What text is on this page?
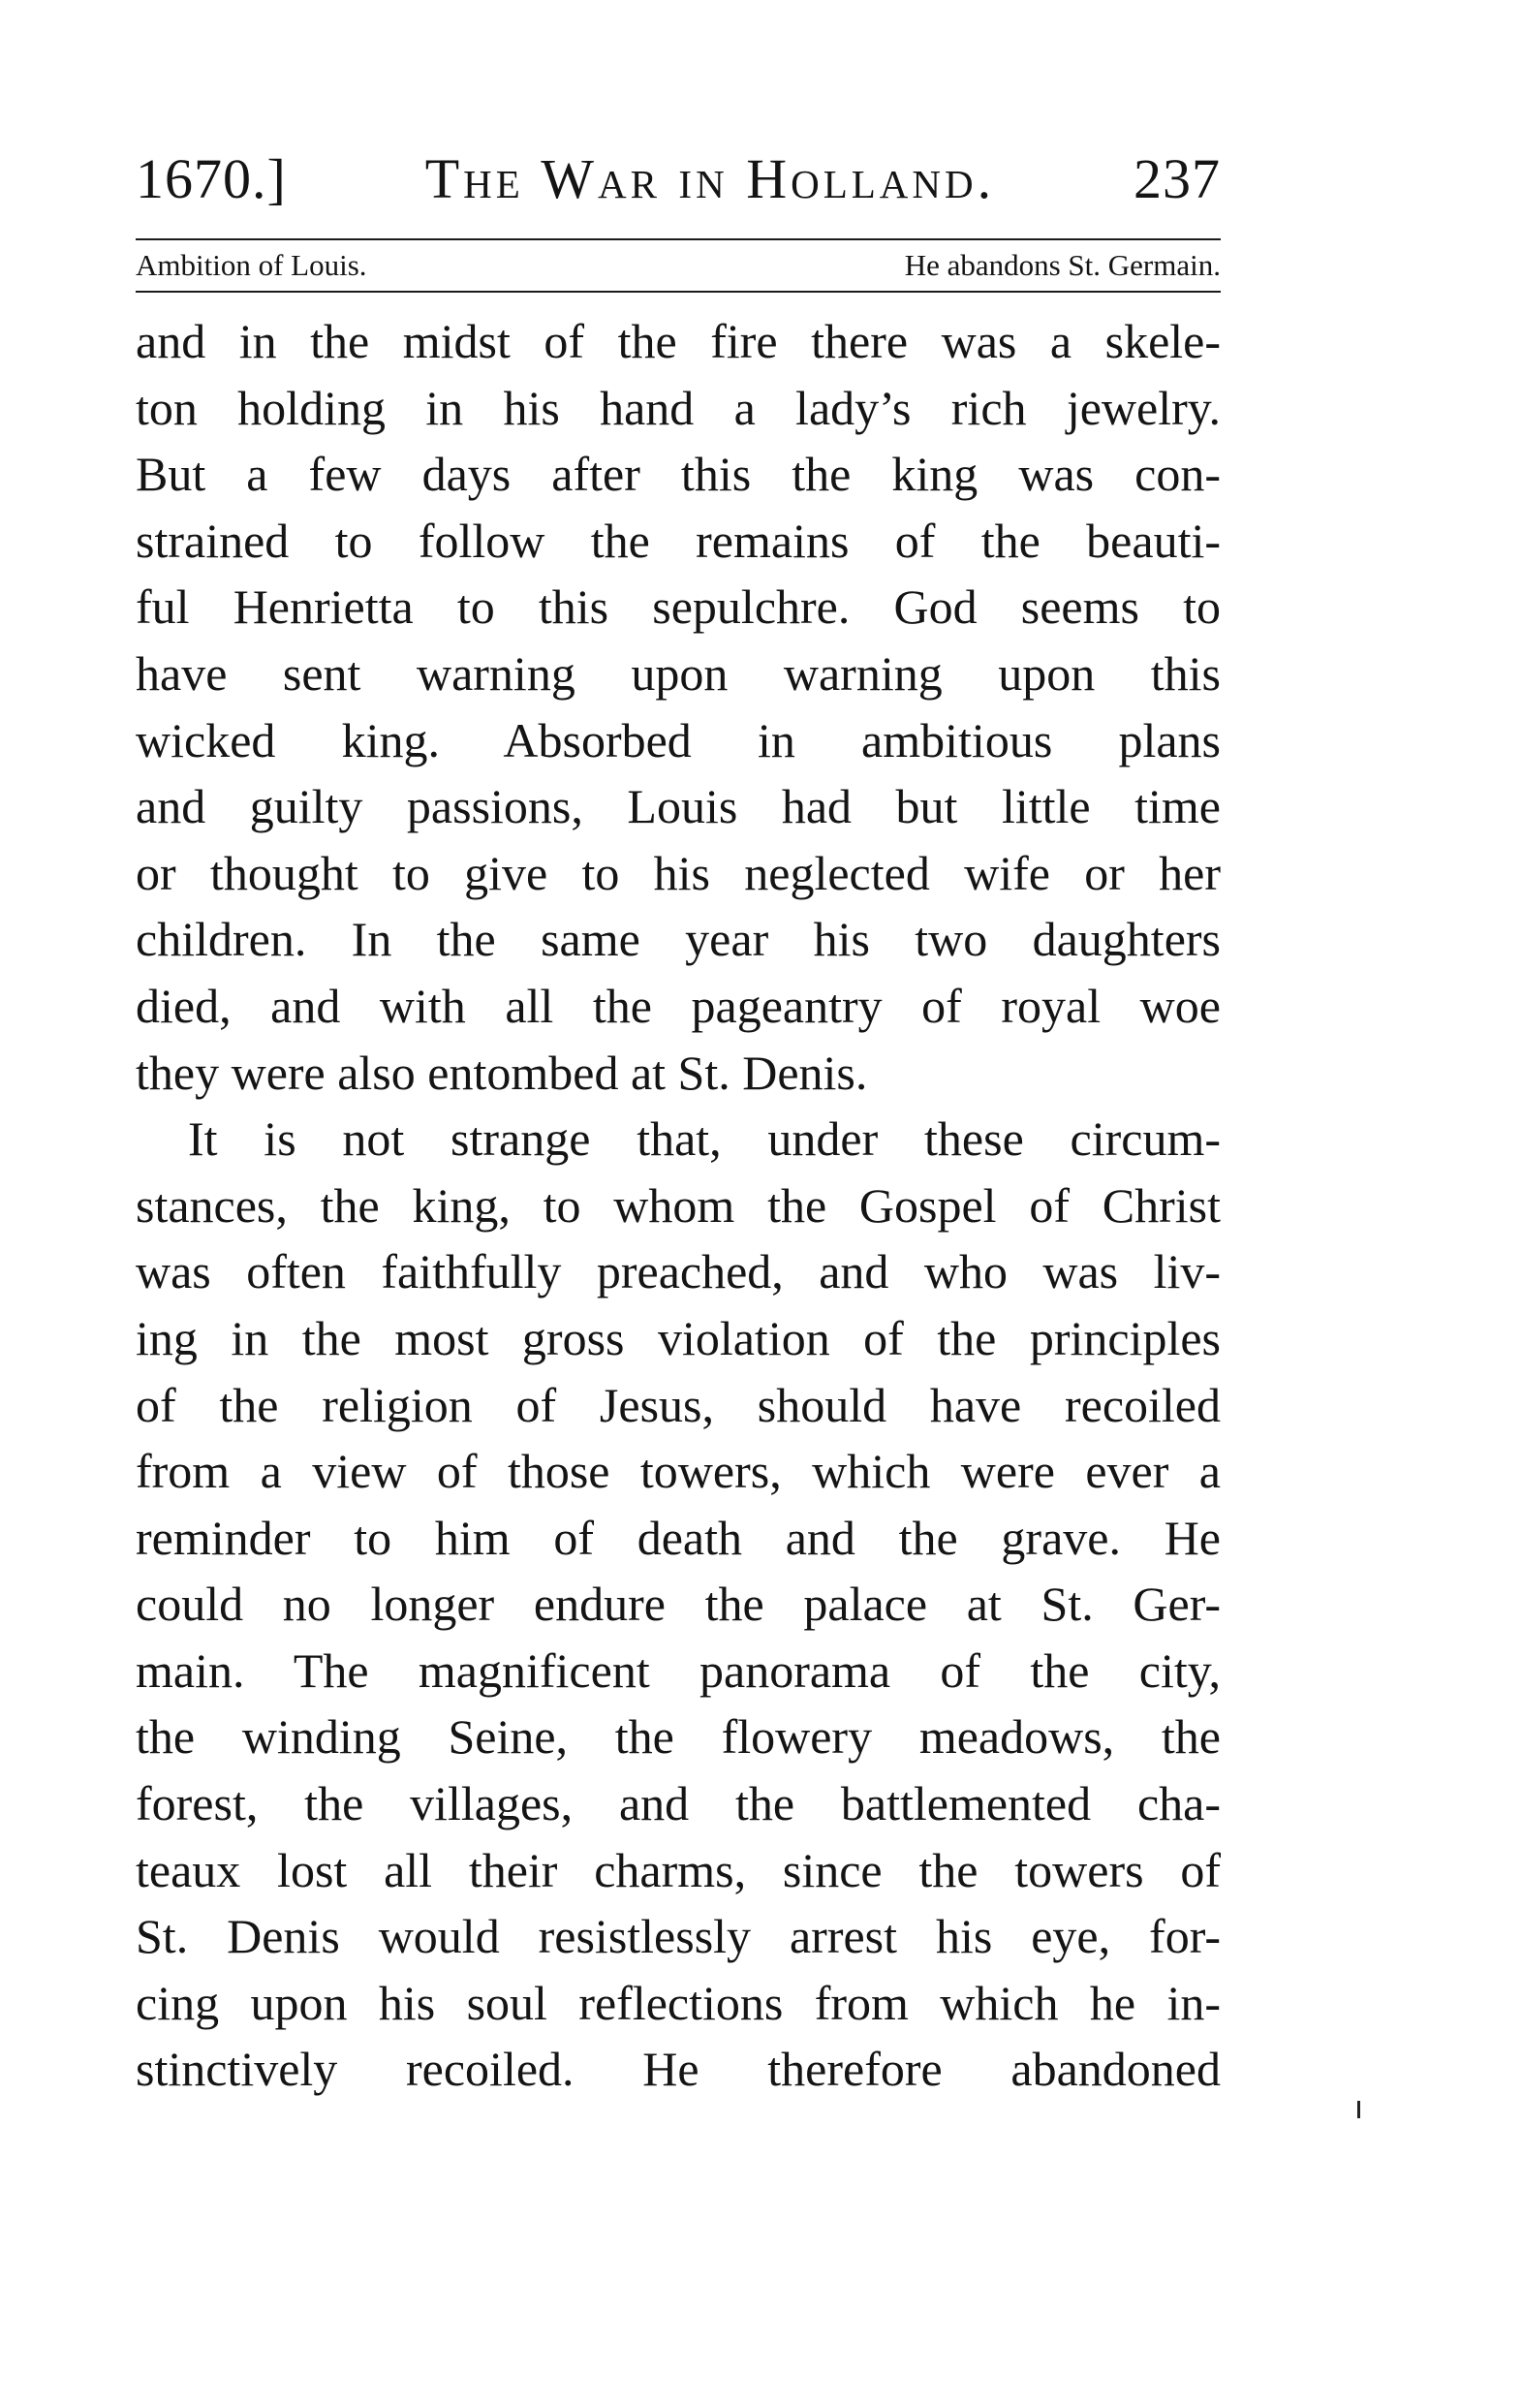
1670.] The War in Holland. 237
Ambition of Louis.	He abandons St. Germain.
and in the midst of the fire there was a skele-
ton holding in his hand a lady’s rich jewelry.
But a few days after this the king was con-
strained to follow the remains of the beauti-
ful Henrietta to this sepulchre. God seems to
have sent warning upon warning upon this
wicked king. Absorbed in ambitious plans
and guilty passions, Louis had but little time
or thought to give to his neglected wife or her
children. In the same year his two daughters
died, and with all the pageantry of royal woe
they were also entombed at St. Denis.
It is not strange that, under these circum-
stances, the king, to whom the Gospel of Christ
was often faithfully preached, and who was liv-
ing in the most gross violation of the principles
of the religion of Jesus, should have recoiled
from a view of those towers, which were ever a
reminder to him of death and the grave. He
could no longer endure the palace at St. Ger-
main. The magnificent panorama of the city,
the winding Seine, the flowery meadows, the
forest, the villages, and the battlemented cha-
teaux lost all their charms, since the towers of
St. Denis would resistlessly arrest his eye, for-
cing upon his soul reflections from which he in-
stinctively recoiled. He therefore abandoned
